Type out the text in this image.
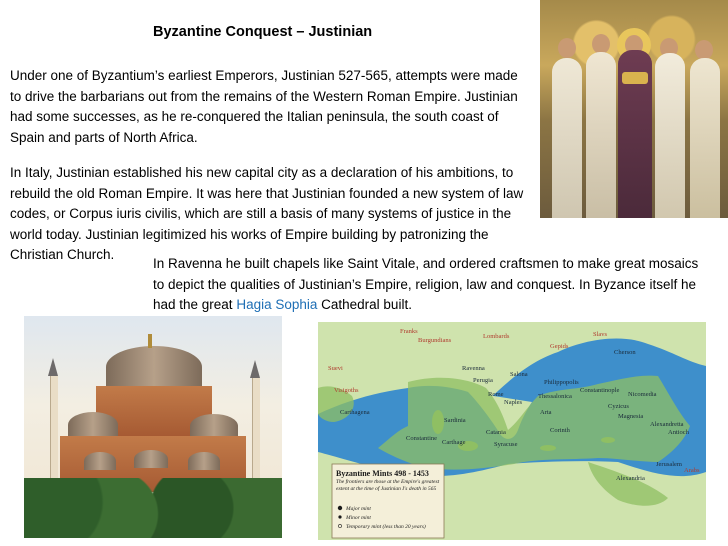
Byzantine Conquest – Justinian

Under one of Byzantium’s earliest Emperors, Justinian 527-565, attempts were made to drive the barbarians out from the remains of the Western Roman Empire. Justinian had some successes, as he re-conquered the Italian peninsula, the south coast of Spain and parts of North Africa.

In Italy, Justinian established his new capital city as a declaration of his ambitions, to rebuild the old Roman Empire. It was here that Justinian founded a new system of law codes, or Corpus iuris civilis, which are still a basis of many systems of justice in the world today. Justinian legitimized his works of Empire building by patronizing the Christian Church.

In Ravenna he built chapels like Saint Vitale, and ordered craftsmen to make great mosaics to depict the qualities of Justinian’s Empire, religion, law and conquest. In Byzance itself he had the great Hagia Sophia Cathedral built.

Franks
Burgundians
Lombards
Gepids
Slavs
Suevi
Visigoths
Ravenna
Perugia
Salona
Rome
Naples
Sardinia
Carthagena
Philippopolis
Constantinople
Thessalonica
Cherson
Nicomedia
Cyzicus
Magnesia
Arta
Corinth
Catania
Syracuse
Carthage
Constantine
Alexandretta
Antioch
Jerusalem
Alexandria
Arabs
Byzantine Mints 498 - 1453
The frontiers are those at the Empire's greatest extent at the time of Justinian I's death in 565
Major mint
Minor mint
Temporary mint (less than 20 years)
